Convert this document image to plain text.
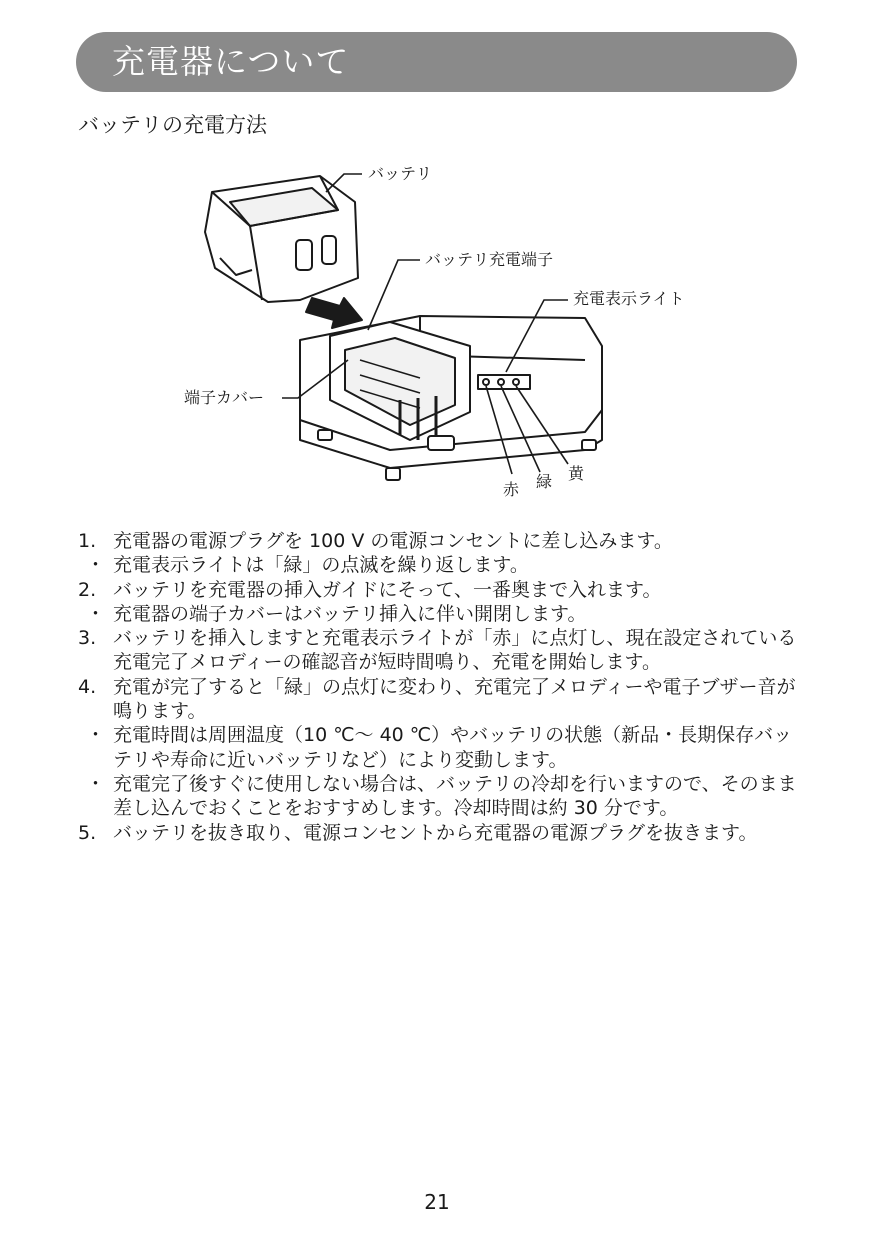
充電器について
バッテリの充電方法
バッテリ
バッテリ充電端子
充電表示ライト
端子カバー
赤 緑 黄
1. 充電器の電源プラグを 100 V の電源コンセントに差し込みます。
・ 充電表示ライトは「緑」の点滅を繰り返します。
2. バッテリを充電器の挿入ガイドにそって、一番奥まで入れます。
・ 充電器の端子カバーはバッテリ挿入に伴い開閉します。
3. バッテリを挿入しますと充電表示ライトが「赤」に点灯し、現在設定されている充電完了メロディーの確認音が短時間鳴り、充電を開始します。
4. 充電が完了すると「緑」の点灯に変わり、充電完了メロディーや電子ブザー音が鳴ります。
・ 充電時間は周囲温度（10 ℃～ 40 ℃）やバッテリの状態（新品・長期保存バッテリや寿命に近いバッテリなど）により変動します。
・ 充電完了後すぐに使用しない場合は、バッテリの冷却を行いますので、そのまま差し込んでおくことをおすすめします。冷却時間は約 30 分です。
5. バッテリを抜き取り、電源コンセントから充電器の電源プラグを抜きます。
21
